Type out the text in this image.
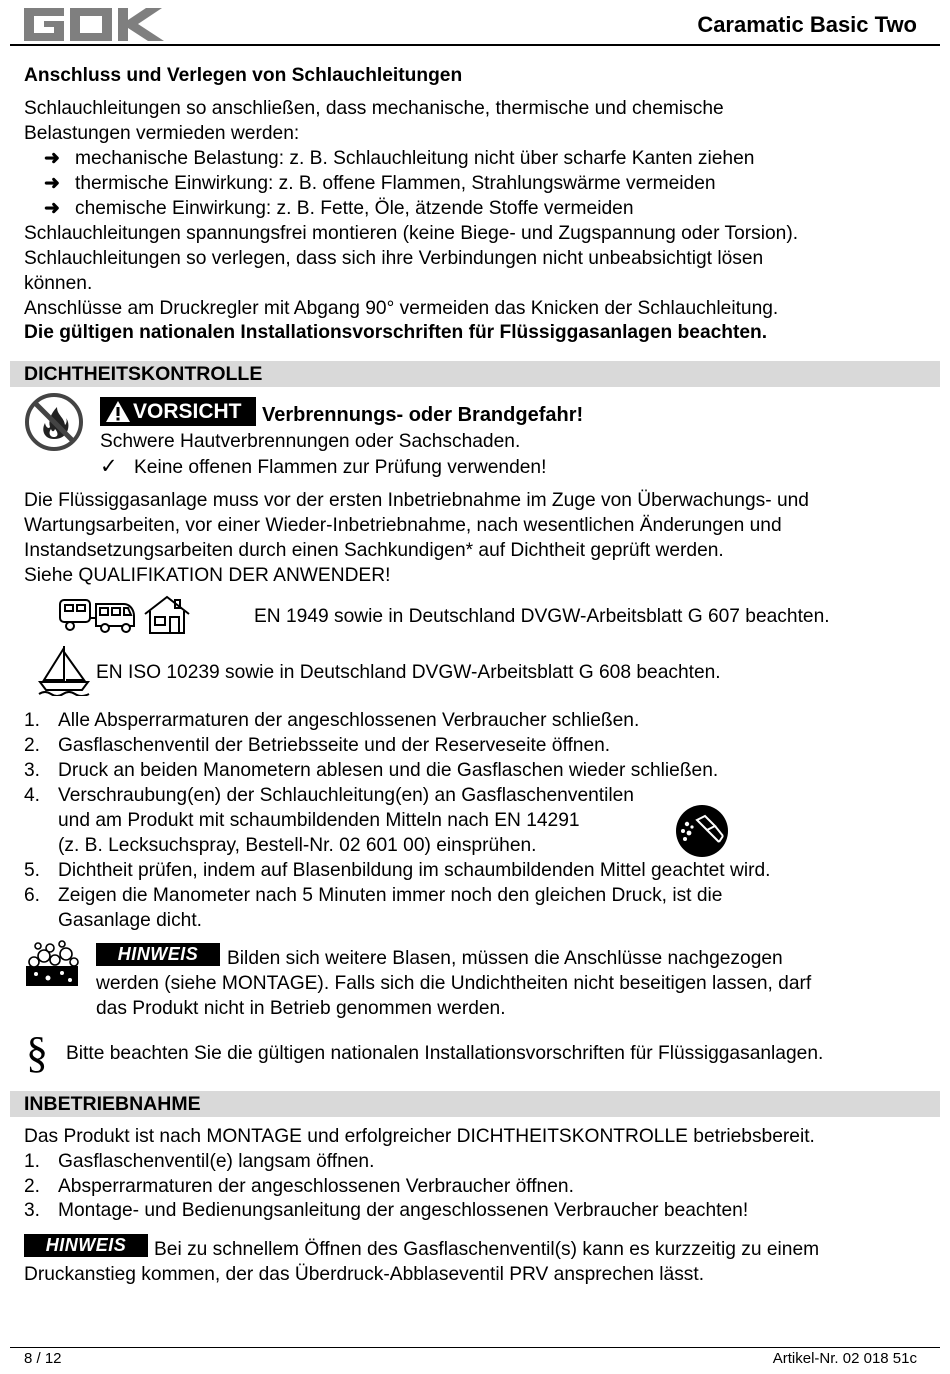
Caramatic Basic Two
Anschluss und Verlegen von Schlauchleitungen
Schlauchleitungen so anschließen, dass mechanische, thermische und chemische
Belastungen vermieden werden:
➜ mechanische Belastung: z. B. Schlauchleitung nicht über scharfe Kanten ziehen
➜ thermische Einwirkung: z. B. offene Flammen, Strahlungswärme vermeiden
➜ chemische Einwirkung: z. B. Fette, Öle, ätzende Stoffe vermeiden
Schlauchleitungen spannungsfrei montieren (keine Biege- und Zugspannung oder Torsion).
Schlauchleitungen so verlegen, dass sich ihre Verbindungen nicht unbeabsichtigt lösen
können.
Anschlüsse am Druckregler mit Abgang 90° vermeiden das Knicken der Schlauchleitung.
Die gültigen nationalen Installationsvorschriften für Flüssiggasanlagen beachten.
DICHTHEITSKONTROLLE
VORSICHT Verbrennungs- oder Brandgefahr!
Schwere Hautverbrennungen oder Sachschaden.
✓ Keine offenen Flammen zur Prüfung verwenden!
Die Flüssiggasanlage muss vor der ersten Inbetriebnahme im Zuge von Überwachungs- und
Wartungsarbeiten, vor einer Wieder-Inbetriebnahme, nach wesentlichen Änderungen und
Instandsetzungsarbeiten durch einen Sachkundigen* auf Dichtheit geprüft werden.
Siehe QUALIFIKATION DER ANWENDER!
EN 1949 sowie in Deutschland DVGW-Arbeitsblatt G 607 beachten.
EN ISO 10239 sowie in Deutschland DVGW-Arbeitsblatt G 608 beachten.
1. Alle Absperrarmaturen der angeschlossenen Verbraucher schließen.
2. Gasflaschenventil der Betriebsseite und der Reserveseite öffnen.
3. Druck an beiden Manometern ablesen und die Gasflaschen wieder schließen.
4. Verschraubung(en) der Schlauchleitung(en) an Gasflaschenventilen
und am Produkt mit schaumbildenden Mitteln nach EN 14291
(z. B. Lecksuchspray, Bestell-Nr. 02 601 00) einsprühen.
5. Dichtheit prüfen, indem auf Blasenbildung im schaumbildenden Mittel geachtet wird.
6. Zeigen die Manometer nach 5 Minuten immer noch den gleichen Druck, ist die
Gasanlage dicht.
HINWEIS	Bilden sich weitere Blasen, müssen die Anschlüsse nachgezogen
werden (siehe MONTAGE). Falls sich die Undichtheiten nicht beseitigen lassen, darf
das Produkt nicht in Betrieb genommen werden.
§ Bitte beachten Sie die gültigen nationalen Installationsvorschriften für Flüssiggasanlagen.
INBETRIEBNAHME
Das Produkt ist nach MONTAGE und erfolgreicher DICHTHEITSKONTROLLE betriebsbereit.
1. Gasflaschenventil(e) langsam öffnen.
2. Absperrarmaturen der angeschlossenen Verbraucher öffnen.
3. Montage- und Bedienungsanleitung der angeschlossenen Verbraucher beachten!
HINWEIS	Bei zu schnellem Öffnen des Gasflaschenventil(s) kann es kurzzeitig zu einem
Druckanstieg kommen, der das Überdruck-Abblaseventil PRV ansprechen lässt.
8 / 12	Artikel-Nr. 02 018 51c
